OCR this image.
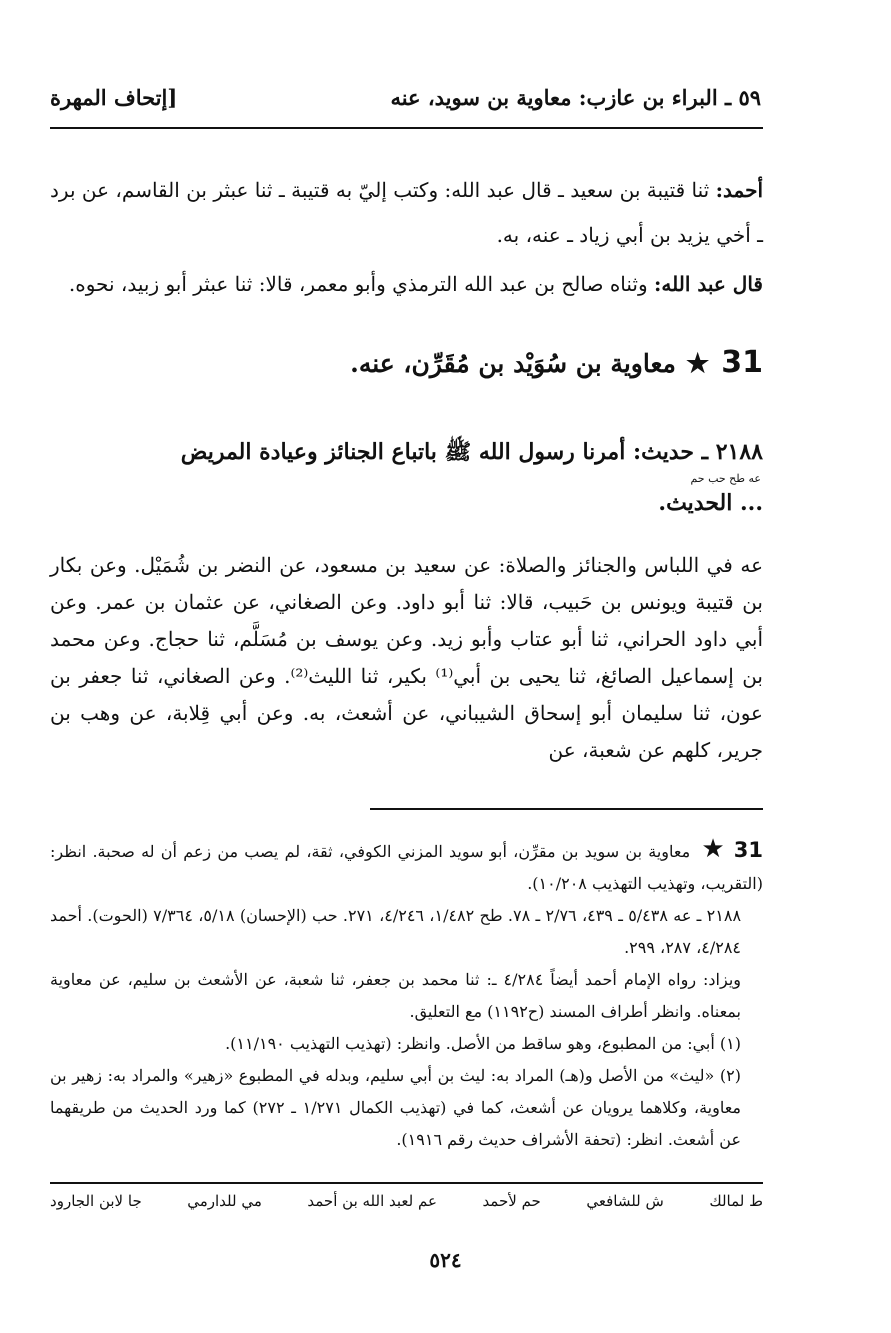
٥٩ ـ البراء بن عازب: معاوية بن سويد، عنه
[إتحاف المهرة

أحمد: ثنا قتيبة بن سعيد ـ قال عبد الله: وكتب إليّ به قتيبة ـ ثنا عبثر بن القاسم، عن برد ـ أخي يزيد بن أبي زياد ـ عنه، به.

قال عبد الله: وثناه صالح بن عبد الله الترمذي وأبو معمر، قالا: ثنا عبثر أبو زبيد، نحوه.

31★معاوية بن سُوَيْد بن مُقَرِّن، عنه.
٢١٨٨ ـ حديث: أمرنا رسول الله ﷺ باتباع الجنائز وعيادة المريض
عه طح حب حم
... الحديث.

عه في اللباس والجنائز والصلاة: عن سعيد بن مسعود، عن النضر بن شُمَيْل. وعن بكار بن قتيبة ويونس بن حَبيب، قالا: ثنا أبو داود. وعن الصغاني، عن عثمان بن عمر. وعن أبي داود الحراني، ثنا أبو عتاب وأبو زيد. وعن يوسف بن مُسَلَّم، ثنا حجاج. وعن محمد بن إسماعيل الصائغ، ثنا يحيى بن أبي⁽¹⁾ بكير، ثنا الليث⁽²⁾. وعن الصغاني، ثنا جعفر بن عون، ثنا سليمان أبو إسحاق الشيباني، عن أشعث، به. وعن أبي قِلابة، عن وهب بن جرير، كلهم عن شعبة، عن

31★معاوية بن سويد بن مقرِّن، أبو سويد المزني الكوفي، ثقة، لم يصب من زعم أن له صحبة. انظر: (التقريب، وتهذيب التهذيب ١٠/٢٠٨).

٢١٨٨ ـ عه ٥/٤٣٨ ـ ٤٣٩، ٢/٧٦ ـ ٧٨. طح ١/٤٨٢، ٤/٢٤٦، ٢٧١. حب (الإحسان) ٥/١٨، ٧/٣٦٤ (الحوت). أحمد ٤/٢٨٤، ٢٨٧، ٢٩٩.

ويزاد: رواه الإمام أحمد أيضاً ٤/٢٨٤ ـ: ثنا محمد بن جعفر، ثنا شعبة، عن الأشعث بن سليم، عن معاوية بمعناه. وانظر أطراف المسند (ح١١٩٢) مع التعليق.

(١) أبي: من المطبوع، وهو ساقط من الأصل. وانظر: (تهذيب التهذيب ١١/١٩٠).

(٢) «ليث» من الأصل و(هـ) المراد به: ليث بن أبي سليم، وبدله في المطبوع «زهير» والمراد به: زهير بن معاوية، وكلاهما يرويان عن أشعث، كما في (تهذيب الكمال ١/٢٧١ ـ ٢٧٢) كما ورد الحديث من طريقهما عن أشعث. انظر: (تحفة الأشراف حديث رقم ١٩١٦).

ط لمالك
ش للشافعي
حم لأحمد
عم لعبد الله بن أحمد
مي للدارمي
جا لابن الجارود
٥٢٤
